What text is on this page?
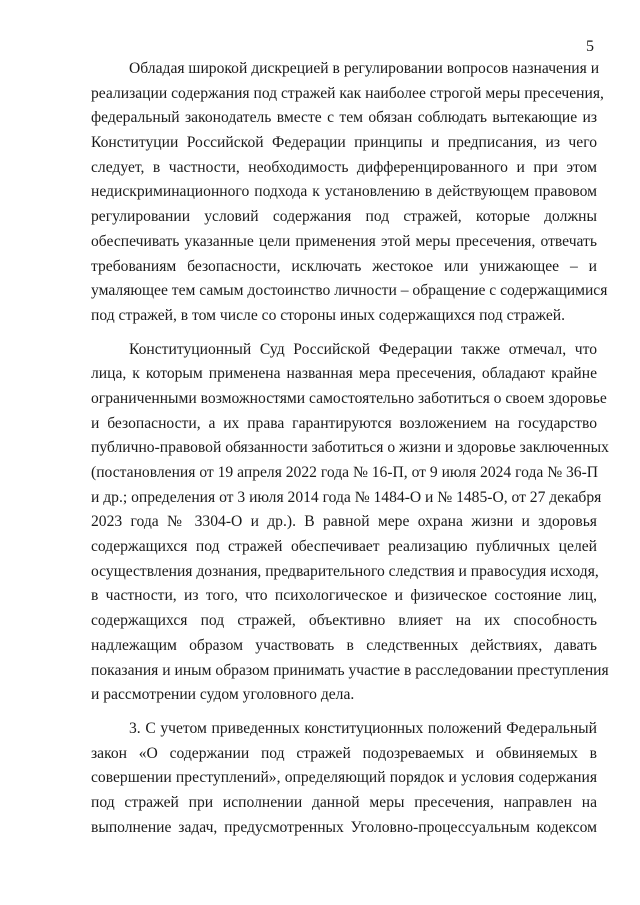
5
Обладая широкой дискрецией в регулировании вопросов назначения и
реализации содержания под стражей как наиболее строгой меры пресечения,
федеральный законодатель вместе с тем обязан соблюдать вытекающие из
Конституции Российской Федерации принципы и предписания, из чего
следует, в частности, необходимость дифференцированного и при этом
недискриминационного подхода к установлению в действующем правовом
регулировании условий содержания под стражей, которые должны
обеспечивать указанные цели применения этой меры пресечения, отвечать
требованиям безопасности, исключать жестокое или унижающее – и
умаляющее тем самым достоинство личности – обращение с содержащимися
под стражей, в том числе со стороны иных содержащихся под стражей.
Конституционный Суд Российской Федерации также отмечал, что
лица, к которым применена названная мера пресечения, обладают крайне
ограниченными возможностями самостоятельно заботиться о своем здоровье
и безопасности, а их права гарантируются возложением на государство
публично-правовой обязанности заботиться о жизни и здоровье заключенных
(постановления от 19 апреля 2022 года № 16-П, от 9 июля 2024 года № 36-П
и др.; определения от 3 июля 2014 года № 1484-О и № 1485-О, от 27 декабря
2023 года № 3304-О и др.). В равной мере охрана жизни и здоровья
содержащихся под стражей обеспечивает реализацию публичных целей
осуществления дознания, предварительного следствия и правосудия исходя,
в частности, из того, что психологическое и физическое состояние лиц,
содержащихся под стражей, объективно влияет на их способность
надлежащим образом участвовать в следственных действиях, давать
показания и иным образом принимать участие в расследовании преступления
и рассмотрении судом уголовного дела.
3. С учетом приведенных конституционных положений Федеральный
закон «О содержании под стражей подозреваемых и обвиняемых в
совершении преступлений», определяющий порядок и условия содержания
под стражей при исполнении данной меры пресечения, направлен на
выполнение задач, предусмотренных Уголовно-процессуальным кодексом
